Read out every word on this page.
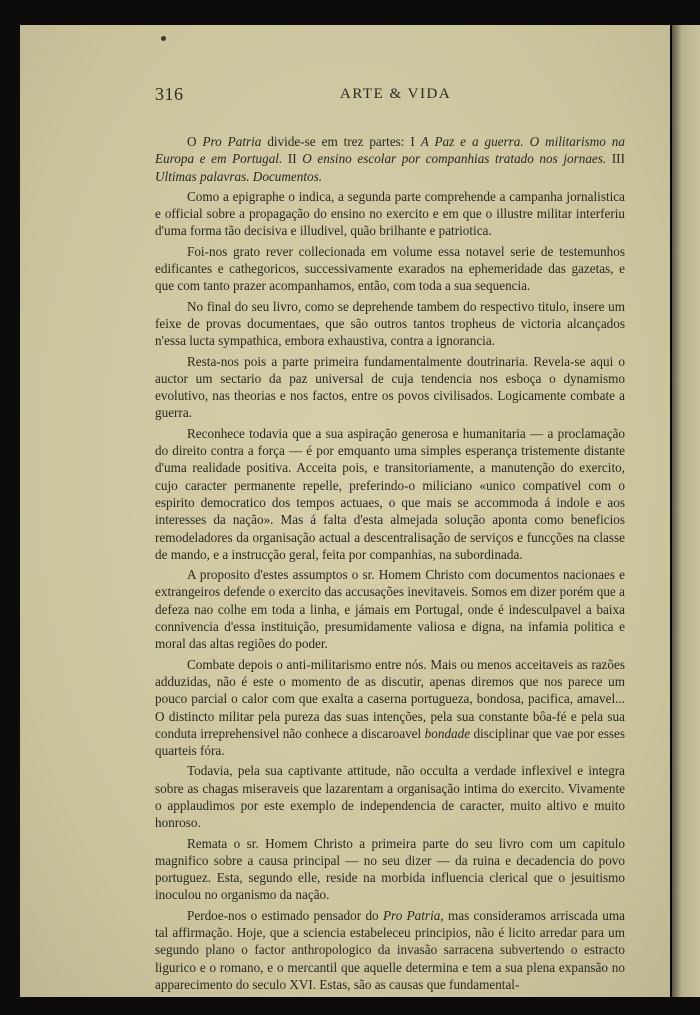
316	ARTE & VIDA

O Pro Patria divide-se em trez partes: I A Paz e a guerra. O militarismo na Europa e em Portugal. II O ensino escolar por companhias tratado nos jornaes. III Ultimas palavras. Documentos.

Como a epigraphe o indica, a segunda parte comprehende a campanha jornalistica e official sobre a propagação do ensino no exercito e em que o illustre militar interferiu d'uma forma tão decisiva e illudivel, quão brilhante e patriotica.

Foi-nos grato rever collecionada em volume essa notavel serie de testemunhos edificantes e cathegoricos, successivamente exarados na ephemeridade das gazetas, e que com tanto prazer acompanhamos, então, com toda a sua sequencia.

No final do seu livro, como se deprehende tambem do respectivo titulo, insere um feixe de provas documentaes, que são outros tantos tropheus de victoria alcançados n'essa lucta sympathica, embora exhaustiva, contra a ignorancia.

Resta-nos pois a parte primeira fundamentalmente doutrinaria. Revela-se aqui o auctor um sectario da paz universal de cuja tendencia nos esboça o dynamismo evolutivo, nas theorias e nos factos, entre os povos civilisados. Logicamente combate a guerra.

Reconhece todavia que a sua aspiração generosa e humanitaria — a proclamação do direito contra a força — é por emquanto uma simples esperança tristemente distante d'uma realidade positiva. Acceita pois, e transitoriamente, a manutenção do exercito, cujo caracter permanente repelle, preferindo-o miliciano «unico compativel com o espirito democratico dos tempos actuaes, o que mais se accommoda á indole e aos interesses da nação». Mas á falta d'esta almejada solução aponta como beneficios remodeladores da organisação actual a descentralisação de serviços e funcções na classe de mando, e a instrucção geral, feita por companhias, na subordinada.

A proposito d'estes assumptos o sr. Homem Christo com documentos nacionaes e extrangeiros defende o exercito das accusações inevitaveis. Somos em dizer porém que a defeza nao colhe em toda a linha, e jámais em Portugal, onde é indesculpavel a baixa connivencia d'essa instituição, presumidamente valiosa e digna, na infamia politica e moral das altas regiões do poder.

Combate depois o anti-militarismo entre nós. Mais ou menos acceitaveis as razões adduzidas, não é este o momento de as discutir, apenas diremos que nos parece um pouco parcial o calor com que exalta a caserna portugueza, bondosa, pacifica, amavel... O distincto militar pela pureza das suas intenções, pela sua constante bôa-fé e pela sua conduta irreprehensivel não conhece a discaroavel bondade disciplinar que vae por esses quarteis fóra.

Todavia, pela sua captivante attitude, não occulta a verdade inflexivel e integra sobre as chagas miseraveis que lazarentam a organisação intima do exercito. Vivamente o applaudimos por este exemplo de independencia de caracter, muito altivo e muito honroso.

Remata o sr. Homem Christo a primeira parte do seu livro com um capitulo magnifico sobre a causa principal — no seu dizer — da ruina e decadencia do povo portuguez. Esta, segundo elle, reside na morbida influencia clerical que o jesuitismo inoculou no organismo da nação.

Perdoe-nos o estimado pensador do Pro Patria, mas consideramos arriscada uma tal affirmação. Hoje, que a sciencia estabeleceu principios, não é licito arredar para um segundo plano o factor anthropologico da invasão sarracena subvertendo o estracto ligurico e o romano, e o mercantil que aquelle determina e tem a sua plena expansão no apparecimento do seculo XVI. Estas, são as causas que fundamental-
